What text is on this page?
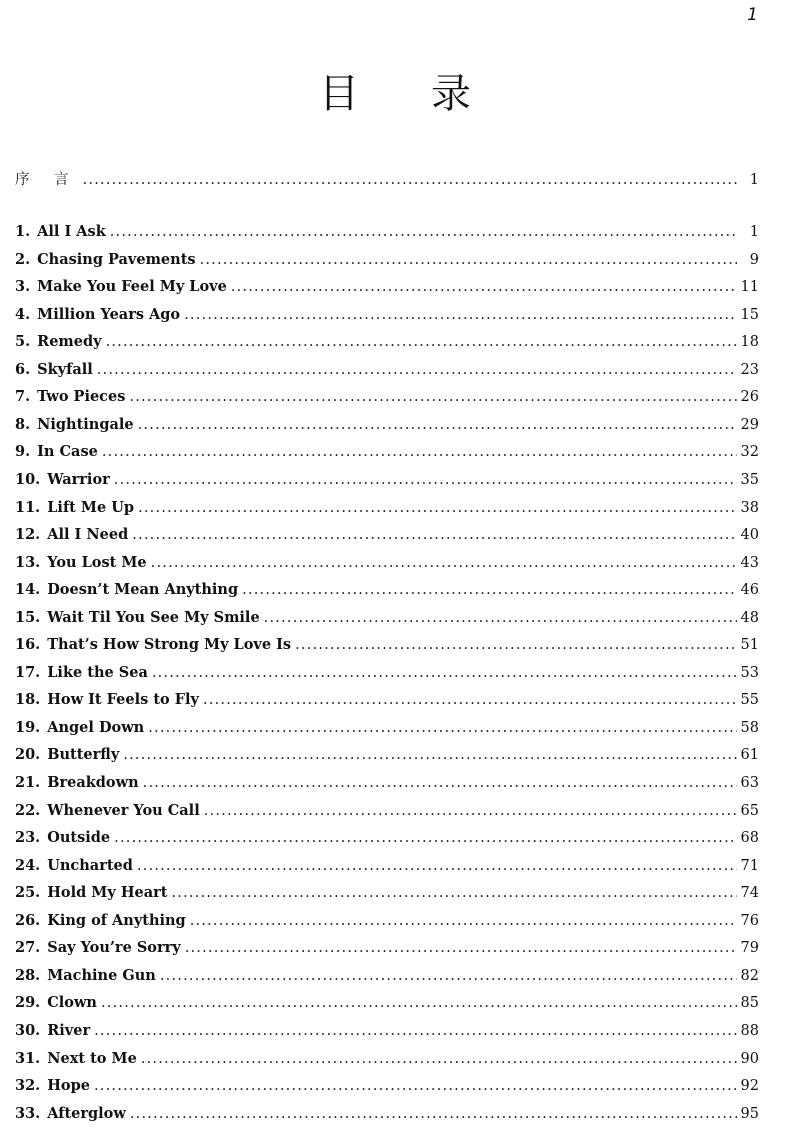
1
目录
序 言 .....	1
1. All I Ask .....	1
2. Chasing Pavements .....	9
3. Make You Feel My Love .....	11
4. Million Years Ago .....	15
5. Remedy .....	18
6. Skyfall .....	23
7. Two Pieces .....	26
8. Nightingale .....	29
9. In Case .....	32
10. Warrior .....	35
11. Lift Me Up .....	38
12. All I Need .....	40
13. You Lost Me .....	43
14. Doesn’t Mean Anything .....	46
15. Wait Til You See My Smile .....	48
16. That’s How Strong My Love Is .....	51
17. Like the Sea .....	53
18. How It Feels to Fly .....	55
19. Angel Down .....	58
20. Butterfly .....	61
21. Breakdown .....	63
22. Whenever You Call .....	65
23. Outside .....	68
24. Uncharted .....	71
25. Hold My Heart .....	74
26. King of Anything .....	76
27. Say You’re Sorry .....	79
28. Machine Gun .....	82
29. Clown .....	85
30. River .....	88
31. Next to Me .....	90
32. Hope .....	92
33. Afterglow .....	95
